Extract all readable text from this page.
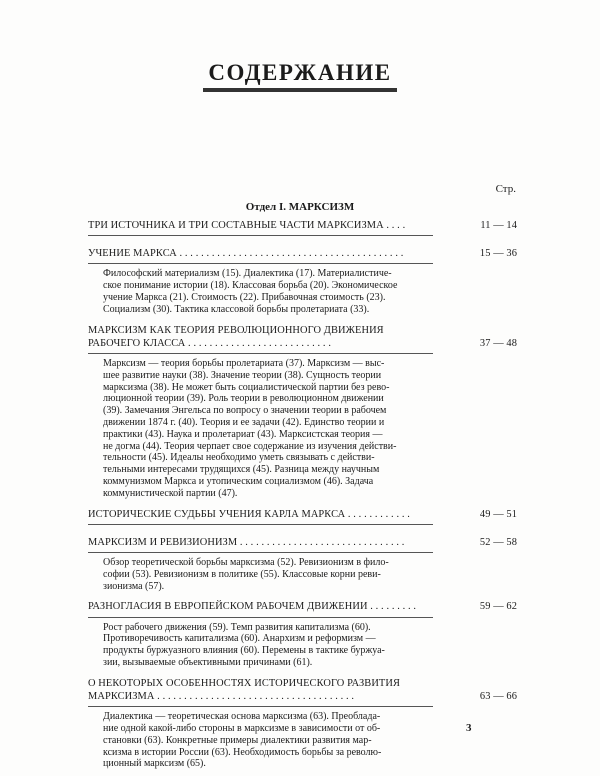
СОДЕРЖАНИЕ
Стр.
Отдел I. МАРКСИЗМ
ТРИ ИСТОЧНИКА И ТРИ СОСТАВНЫЕ ЧАСТИ МАРКСИЗМА . . . .	11 — 14
УЧЕНИЕ МАРКСА . . . . . . . . . . . . . . . . . . . . . . . . . . . . . . . . . . . . . . . . . .	15 — 36
Философский материализм (15). Диалектика (17). Материалистиче-
ское понимание истории (18). Классовая борьба (20). Экономическое
учение Маркса (21). Стоимость (22). Прибавочная стоимость (23).
Социализм (30). Тактика классовой борьбы пролетариата (33).
МАРКСИЗМ КАК ТЕОРИЯ РЕВОЛЮЦИОННОГО ДВИЖЕНИЯ РАБОЧЕГО КЛАССА . . . . . . . . . . . . . . . . . . . . . . . . . . .	37 — 48
Марксизм — теория борьбы пролетариата (37). Марксизм — выс-
шее развитие науки (38). Значение теории (38). Сущность теории
марксизма (38). Не может быть социалистической партии без рево-
люционной теории (39). Роль теории в революционном движении
(39). Замечания Энгельса по вопросу о значении теории в рабочем
движении 1874 г. (40). Теория и ее задачи (42). Единство теории и
практики (43). Наука и пролетариат (43). Марксистская теория —
не догма (44). Теория черпает свое содержание из изучения действи-
тельности (45). Идеалы необходимо уметь связывать с действи-
тельными интересами трудящихся (45). Разница между научным
коммунизмом Маркса и утопическим социализмом (46). Задача
коммунистической партии (47).
ИСТОРИЧЕСКИЕ СУДЬБЫ УЧЕНИЯ КАРЛА МАРКСА . . . . . . . . . . . .	49 — 51
МАРКСИЗМ И РЕВИЗИОНИЗМ . . . . . . . . . . . . . . . . . . . . . . . . . . . . . . .	52 — 58
Обзор теоретической борьбы марксизма (52). Ревизионизм в фило-
софии (53). Ревизионизм в политике (55). Классовые корни реви-
зионизма (57).
РАЗНОГЛАСИЯ В ЕВРОПЕЙСКОМ РАБОЧЕМ ДВИЖЕНИИ . . . . . . . . .	59 — 62
Рост рабочего движения (59). Темп развития капитализма (60).
Противоречивость капитализма (60). Анархизм и реформизм —
продукты буржуазного влияния (60). Перемены в тактике буржуа-
зии, вызываемые объективными причинами (61).
О НЕКОТОРЫХ ОСОБЕННОСТЯХ ИСТОРИЧЕСКОГО РАЗВИТИЯ МАРКСИЗМА . . . . . . . . . . . . . . . . . . . . . . . . . . . . . . . . . . . . .	63 — 66
Диалектика — теоретическая основа марксизма (63). Преоблада-
ние одной какой-либо стороны в марксизме в зависимости от об-
становки (63). Конкретные примеры диалектики развития мар-
ксизма в истории России (63). Необходимость борьбы за револю-
ционный марксизм (65).
3
